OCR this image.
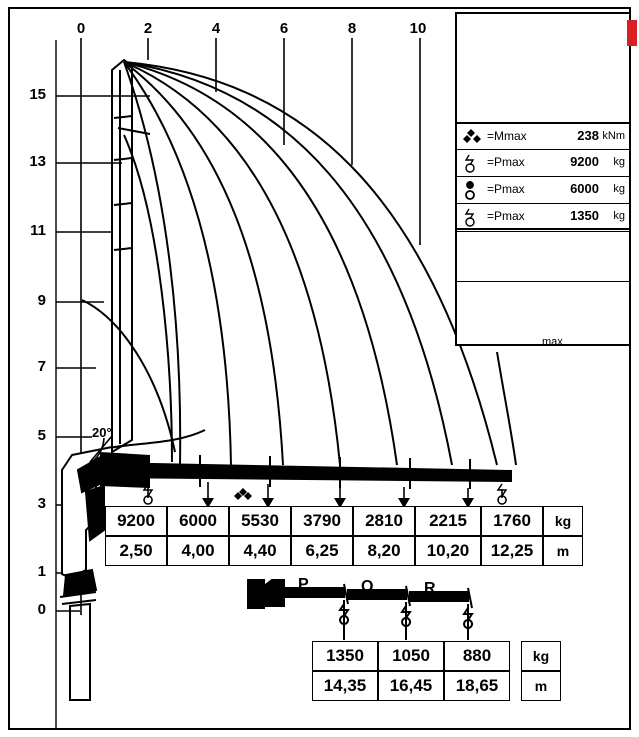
0	2	4	6	8	10
15
13
11
9
7
5
3
1
0
20°
=Mmax	238 kNm
=Pmax	9200 kg
=Pmax	6000 kg
=Pmax	1350 kg
max
9200	6000	5530	3790	2810	2215	1760	kg
2,50	4,00	4,40	6,25	8,20	10,20	12,25	m
P	Q	R
1350	1050	880	kg
14,35	16,45	18,65	m
